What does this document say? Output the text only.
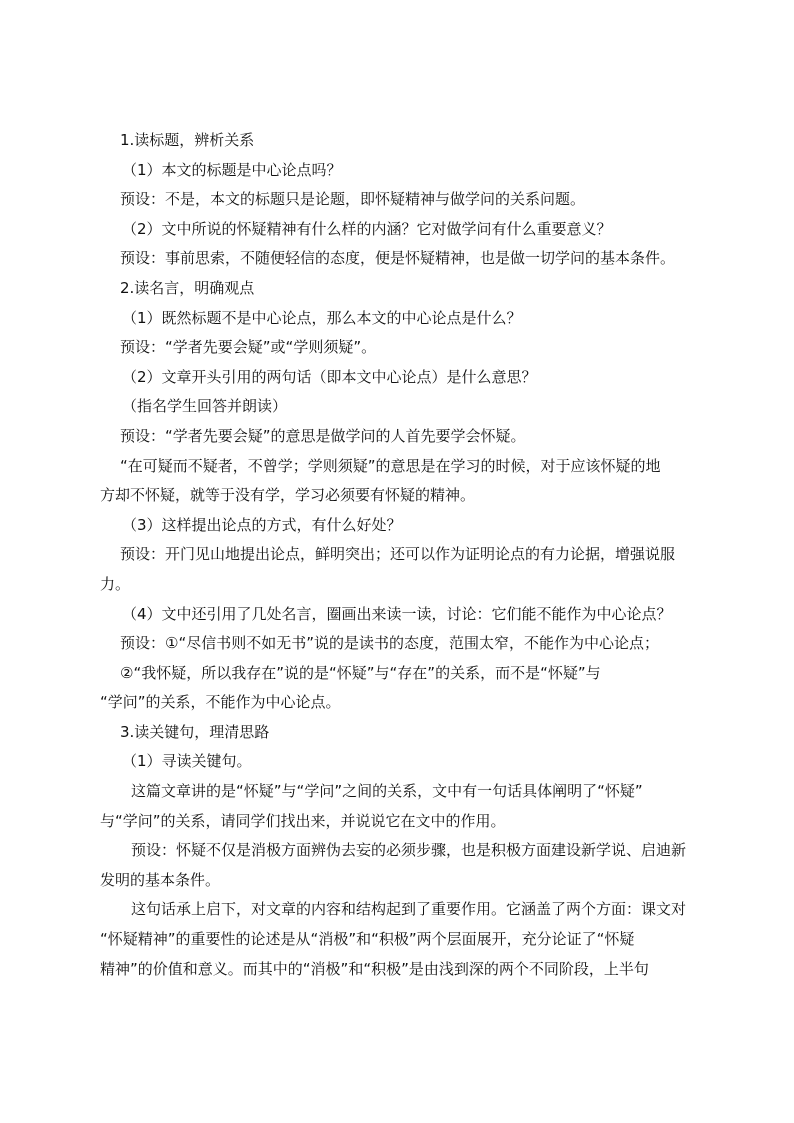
1.读标题，辨析关系
（1）本文的标题是中心论点吗？
预设：不是，本文的标题只是论题，即怀疑精神与做学问的关系问题。
（2）文中所说的怀疑精神有什么样的内涵？它对做学问有什么重要意义？
预设：事前思索，不随便轻信的态度，便是怀疑精神，也是做一切学问的基本条件。
2.读名言，明确观点
（1）既然标题不是中心论点，那么本文的中心论点是什么？
预设：“学者先要会疑”或“学则须疑”。
（2）文章开头引用的两句话（即本文中心论点）是什么意思？
（指名学生回答并朗读）
预设：“学者先要会疑”的意思是做学问的人首先要学会怀疑。
“在可疑而不疑者，不曾学；学则须疑”的意思是在学习的时候，对于应该怀疑的地
方却不怀疑，就等于没有学，学习必须要有怀疑的精神。
（3）这样提出论点的方式，有什么好处？
预设：开门见山地提出论点，鲜明突出；还可以作为证明论点的有力论据，增强说服
力。
（4）文中还引用了几处名言，圈画出来读一读，讨论：它们能不能作为中心论点？
预设：①“尽信书则不如无书”说的是读书的态度，范围太窄，不能作为中心论点；
②“我怀疑，所以我存在”说的是“怀疑”与“存在”的关系，而不是“怀疑”与
“学问”的关系，不能作为中心论点。
3.读关键句，理清思路
（1）寻读关键句。
这篇文章讲的是“怀疑”与“学问”之间的关系，文中有一句话具体阐明了“怀疑”
与“学问”的关系，请同学们找出来，并说说它在文中的作用。
预设：怀疑不仅是消极方面辨伪去妄的必须步骤，也是积极方面建设新学说、启迪新
发明的基本条件。
这句话承上启下，对文章的内容和结构起到了重要作用。它涵盖了两个方面：课文对
“怀疑精神”的重要性的论述是从“消极”和“积极”两个层面展开，充分论证了“怀疑
精神”的价值和意义。而其中的“消极”和“积极”是由浅到深的两个不同阶段，上半句
